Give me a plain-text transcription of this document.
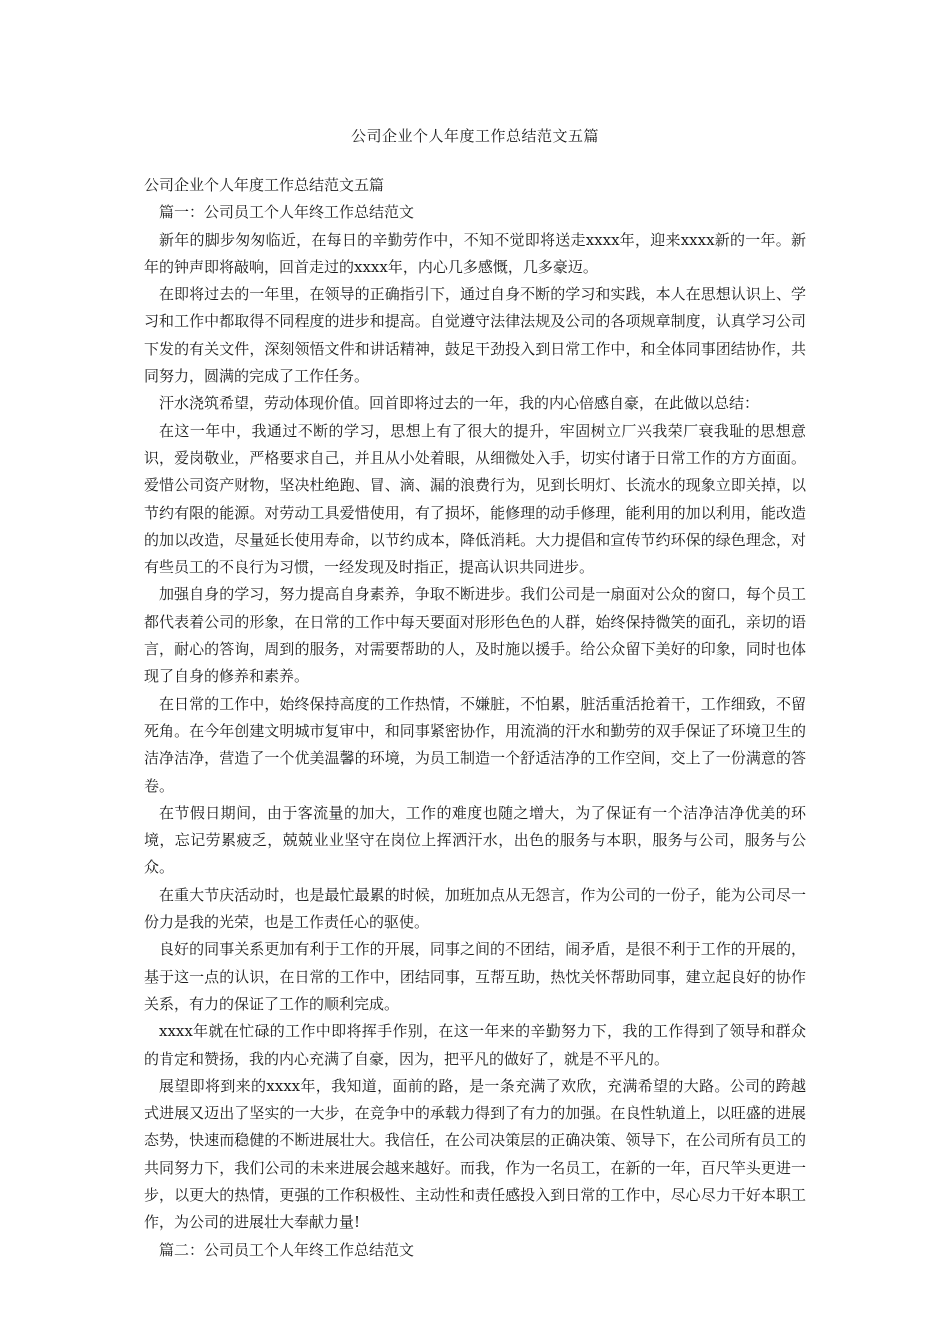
公司企业个人年度工作总结范文五篇

公司企业个人年度工作总结范文五篇

篇一：公司员工个人年终工作总结范文

新年的脚步匆匆临近，在每日的辛勤劳作中，不知不觉即将送走xxxx年，迎来xxxx新的一年。新年的钟声即将敲响，回首走过的xxxx年，内心几多感慨，几多豪迈。

在即将过去的一年里，在领导的正确指引下，通过自身不断的学习和实践，本人在思想认识上、学习和工作中都取得不同程度的进步和提高。自觉遵守法律法规及公司的各项规章制度，认真学习公司下发的有关文件，深刻领悟文件和讲话精神，鼓足干劲投入到日常工作中，和全体同事团结协作，共同努力，圆满的完成了工作任务。

汗水浇筑希望，劳动体现价值。回首即将过去的一年，我的内心倍感自豪，在此做以总结：

在这一年中，我通过不断的学习，思想上有了很大的提升，牢固树立厂兴我荣厂衰我耻的思想意识，爱岗敬业，严格要求自己，并且从小处着眼，从细微处入手，切实付诸于日常工作的方方面面。爱惜公司资产财物，坚决杜绝跑、冒、滴、漏的浪费行为，见到长明灯、长流水的现象立即关掉，以节约有限的能源。对劳动工具爱惜使用，有了损坏，能修理的动手修理，能利用的加以利用，能改造的加以改造，尽量延长使用寿命，以节约成本，降低消耗。大力提倡和宣传节约环保的绿色理念，对有些员工的不良行为习惯，一经发现及时指正，提高认识共同进步。

加强自身的学习，努力提高自身素养，争取不断进步。我们公司是一扇面对公众的窗口，每个员工都代表着公司的形象，在日常的工作中每天要面对形形色色的人群，始终保持微笑的面孔，亲切的语言，耐心的答询，周到的服务，对需要帮助的人，及时施以援手。给公众留下美好的印象，同时也体现了自身的修养和素养。

在日常的工作中，始终保持高度的工作热情，不嫌脏，不怕累，脏活重活抢着干，工作细致，不留死角。在今年创建文明城市复审中，和同事紧密协作，用流淌的汗水和勤劳的双手保证了环境卫生的洁净洁净，营造了一个优美温馨的环境，为员工制造一个舒适洁净的工作空间，交上了一份满意的答卷。

在节假日期间，由于客流量的加大，工作的难度也随之增大，为了保证有一个洁净洁净优美的环境，忘记劳累疲乏，兢兢业业坚守在岗位上挥洒汗水，出色的服务与本职，服务与公司，服务与公众。

在重大节庆活动时，也是最忙最累的时候，加班加点从无怨言，作为公司的一份子，能为公司尽一份力是我的光荣，也是工作责任心的驱使。

良好的同事关系更加有利于工作的开展，同事之间的不团结，闹矛盾，是很不利于工作的开展的，基于这一点的认识，在日常的工作中，团结同事，互帮互助，热忱关怀帮助同事，建立起良好的协作关系，有力的保证了工作的顺利完成。

xxxx年就在忙碌的工作中即将挥手作别，在这一年来的辛勤努力下，我的工作得到了领导和群众的肯定和赞扬，我的内心充满了自豪，因为，把平凡的做好了，就是不平凡的。

展望即将到来的xxxx年，我知道，面前的路，是一条充满了欢欣，充满希望的大路。公司的跨越式进展又迈出了坚实的一大步，在竞争中的承载力得到了有力的加强。在良性轨道上，以旺盛的进展态势，快速而稳健的不断进展壮大。我信任，在公司决策层的正确决策、领导下，在公司所有员工的共同努力下，我们公司的未来进展会越来越好。而我，作为一名员工，在新的一年，百尺竿头更进一步，以更大的热情，更强的工作积极性、主动性和责任感投入到日常的工作中，尽心尽力干好本职工作，为公司的进展壮大奉献力量!

篇二：公司员工个人年终工作总结范文
